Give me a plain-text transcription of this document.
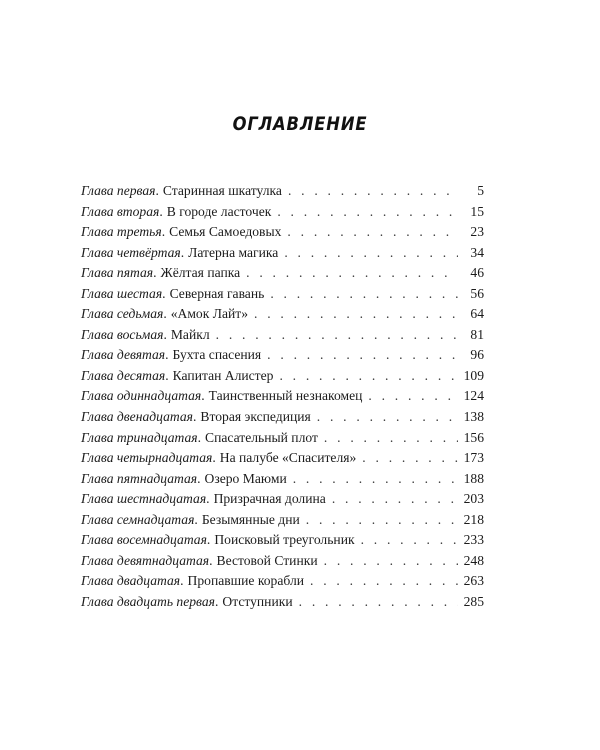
ОГЛАВЛЕНИЕ
Глава первая . Старинная шкатулка . . .	5
Глава вторая . В городе ласточек . . .	15
Глава третья . Семья Самоедовых . . .	23
Глава четвёртая . Латерна магика . . .	34
Глава пятая . Жёлтая папка . . .	46
Глава шестая . Северная гавань . . .	56
Глава седьмая . «Амок Лайт» . . .	64
Глава восьмая . Майкл . . .	81
Глава девятая . Бухта спасения . . .	96
Глава десятая . Капитан Алистер . . .	109
Глава одиннадцатая . Таинственный незнакомец . . .	124
Глава двенадцатая . Вторая экспедиция . . .	138
Глава тринадцатая . Спасательный плот . . .	156
Глава четырнадцатая . На палубе «Спасителя» . . .	173
Глава пятнадцатая . Озеро Маюми . . .	188
Глава шестнадцатая . Призрачная долина . . .	203
Глава семнадцатая . Безымянные дни . . .	218
Глава восемнадцатая . Поисковый треугольник . . .	233
Глава девятнадцатая . Вестовой Стинки . . .	248
Глава двадцатая . Пропавшие корабли . . .	263
Глава двадцать первая . Отступники . . .	285
